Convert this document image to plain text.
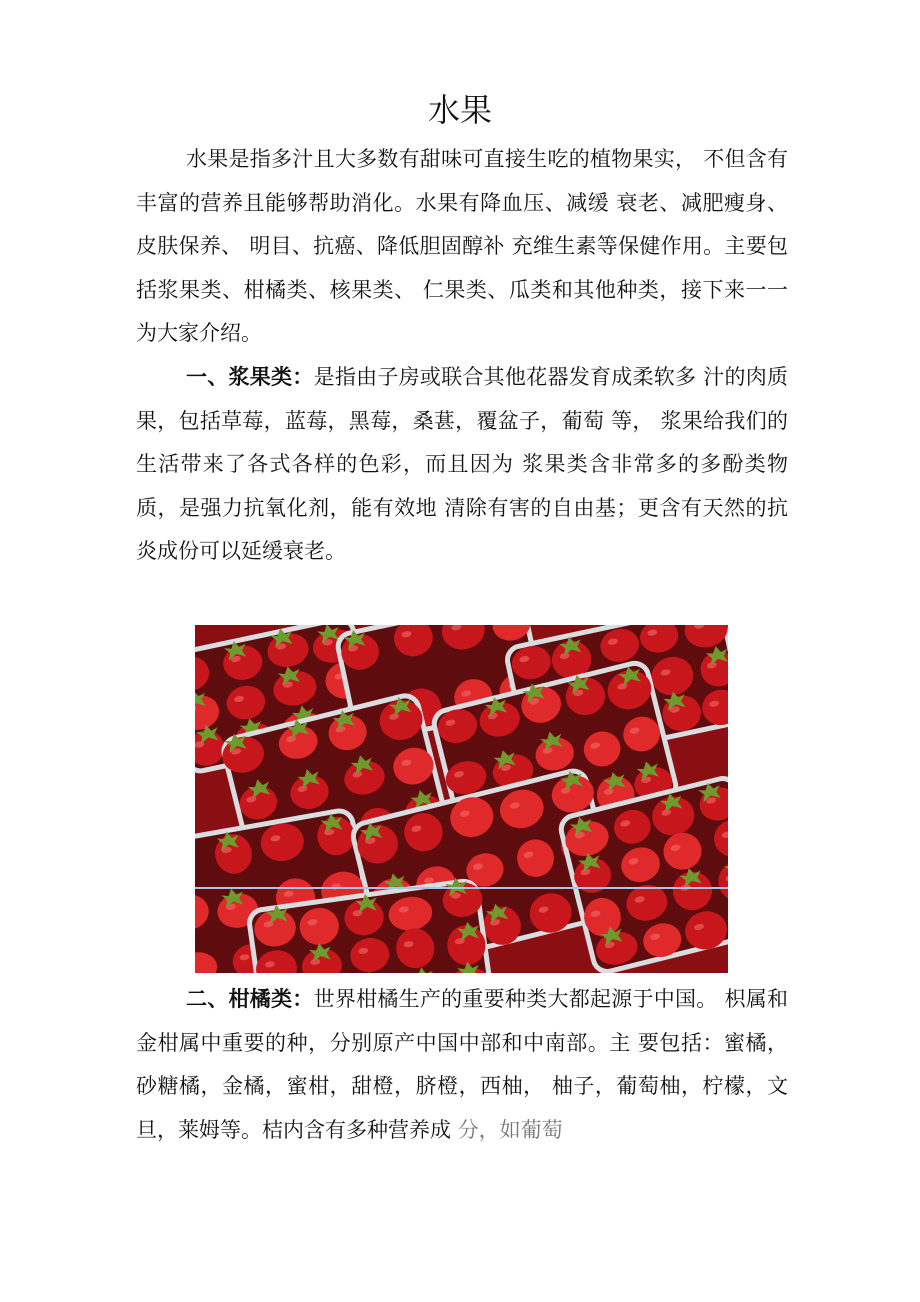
水果

水果是指多汁且大多数有甜味可直接生吃的植物果实， 不但含有丰富的营养且能够帮助消化。水果有降血压、减缓 衰老、减肥瘦身、皮肤保养、 明目、抗癌、降低胆固醇补 充维生素等保健作用。主要包括浆果类、柑橘类、核果类、 仁果类、瓜类和其他种类，接下来一一为大家介绍。

一、浆果类：是指由子房或联合其他花器发育成柔软多 汁的肉质果，包括草莓，蓝莓，黑莓，桑葚，覆盆子，葡萄 等， 浆果给我们的生活带来了各式各样的色彩，而且因为 浆果类含非常多的多酚类物质，是强力抗氧化剂，能有效地 清除有害的自由基；更含有天然的抗炎成份可以延缓衰老。

二、柑橘类：世界柑橘生产的重要种类大都起源于中国。 枳属和金柑属中重要的种，分别原产中国中部和中南部。主 要包括：蜜橘，砂糖橘，金橘，蜜柑，甜橙，脐橙，西柚， 柚子，葡萄柚，柠檬，文旦，莱姆等。桔内含有多种营养成 分，如葡萄
